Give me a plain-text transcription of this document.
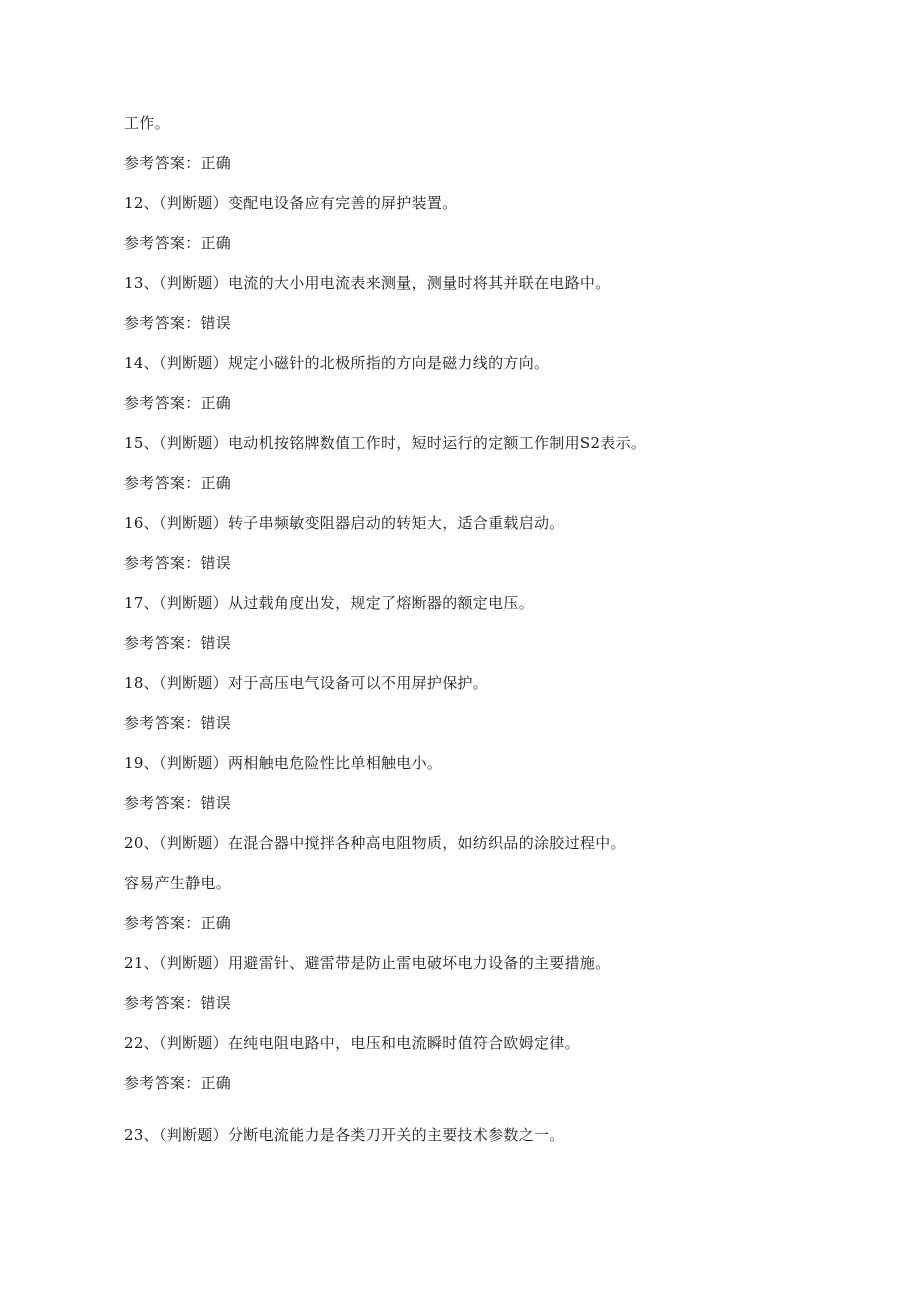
工作。
参考答案：正确
12、（判断题）变配电设备应有完善的屏护装置。
参考答案：正确
13、（判断题）电流的大小用电流表来测量，测量时将其并联在电路中。
参考答案：错误
14、（判断题）规定小磁针的北极所指的方向是磁力线的方向。
参考答案：正确
15、（判断题）电动机按铭牌数值工作时，短时运行的定额工作制用S2表示。
参考答案：正确
16、（判断题）转子串频敏变阻器启动的转矩大，适合重载启动。
参考答案：错误
17、（判断题）从过载角度出发，规定了熔断器的额定电压。
参考答案：错误
18、（判断题）对于高压电气设备可以不用屏护保护。
参考答案：错误
19、（判断题）两相触电危险性比单相触电小。
参考答案：错误
20、（判断题）在混合器中搅拌各种高电阻物质，如纺织品的涂胶过程中。
容易产生静电。
参考答案：正确
21、（判断题）用避雷针、避雷带是防止雷电破坏电力设备的主要措施。
参考答案：错误
22、（判断题）在纯电阻电路中，电压和电流瞬时值符合欧姆定律。
参考答案：正确
23、（判断题）分断电流能力是各类刀开关的主要技术参数之一。
